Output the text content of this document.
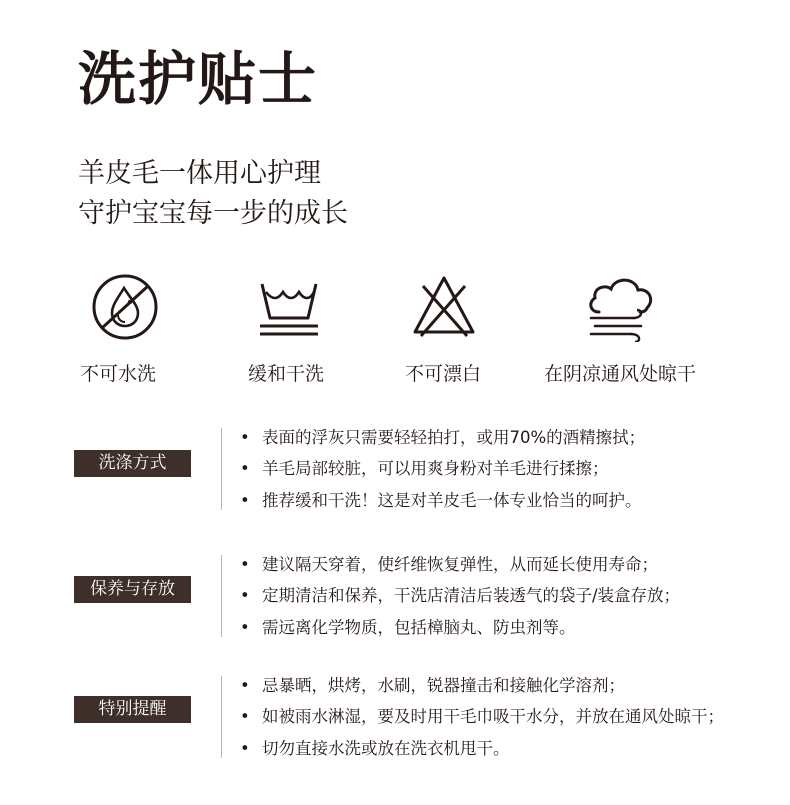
洗护贴士
羊皮毛一体用心护理
守护宝宝每一步的成长
不可水洗	缓和干洗	不可漂白	在阴凉通风处晾干
洗涤方式
• 表面的浮灰只需要轻轻拍打，或用70%的酒精擦拭；
• 羊毛局部较脏，可以用爽身粉对羊毛进行揉擦；
• 推荐缓和干洗！这是对羊皮毛一体专业恰当的呵护。
保养与存放
• 建议隔天穿着，使纤维恢复弹性，从而延长使用寿命；
• 定期清洁和保养，干洗店清洁后装透气的袋子/装盒存放；
• 需远离化学物质，包括樟脑丸、防虫剂等。
特别提醒
• 忌暴晒，烘烤，水刷，锐器撞击和接触化学溶剂；
• 如被雨水淋湿，要及时用干毛巾吸干水分，并放在通风处晾干；
• 切勿直接水洗或放在洗衣机甩干。
